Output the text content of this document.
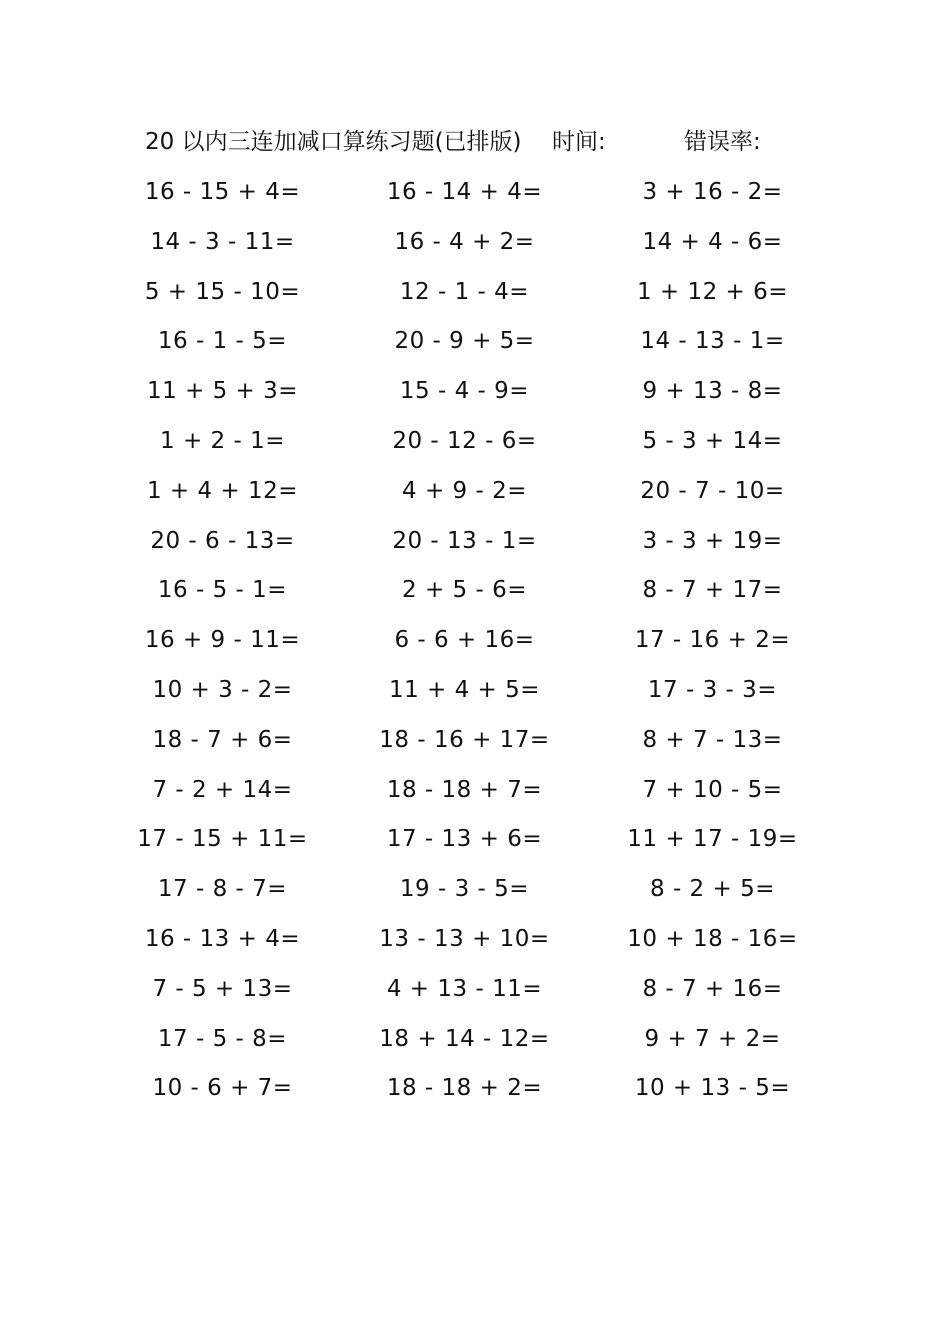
20 以内三连加减口算练习题(已排版) 时间:	错误率:
16 - 15 + 4=	16 - 14 + 4=	3 + 16 - 2=
14 - 3 - 11=	16 - 4 + 2=	14 + 4 - 6=
5 + 15 - 10=	12 - 1 - 4=	1 + 12 + 6=
16 - 1 - 5=	20 - 9 + 5=	14 - 13 - 1=
11 + 5 + 3=	15 - 4 - 9=	9 + 13 - 8=
1 + 2 - 1=	20 - 12 - 6=	5 - 3 + 14=
1 + 4 + 12=	4 + 9 - 2=	20 - 7 - 10=
20 - 6 - 13=	20 - 13 - 1=	3 - 3 + 19=
16 - 5 - 1=	2 + 5 - 6=	8 - 7 + 17=
16 + 9 - 11=	6 - 6 + 16=	17 - 16 + 2=
10 + 3 - 2=	11 + 4 + 5=	17 - 3 - 3=
18 - 7 + 6=	18 - 16 + 17=	8 + 7 - 13=
7 - 2 + 14=	18 - 18 + 7=	7 + 10 - 5=
17 - 15 + 11=	17 - 13 + 6=	11 + 17 - 19=
17 - 8 - 7=	19 - 3 - 5=	8 - 2 + 5=
16 - 13 + 4=	13 - 13 + 10=	10 + 18 - 16=
7 - 5 + 13=	4 + 13 - 11=	8 - 7 + 16=
17 - 5 - 8=	18 + 14 - 12=	9 + 7 + 2=
10 - 6 + 7=	18 - 18 + 2=	10 + 13 - 5=
